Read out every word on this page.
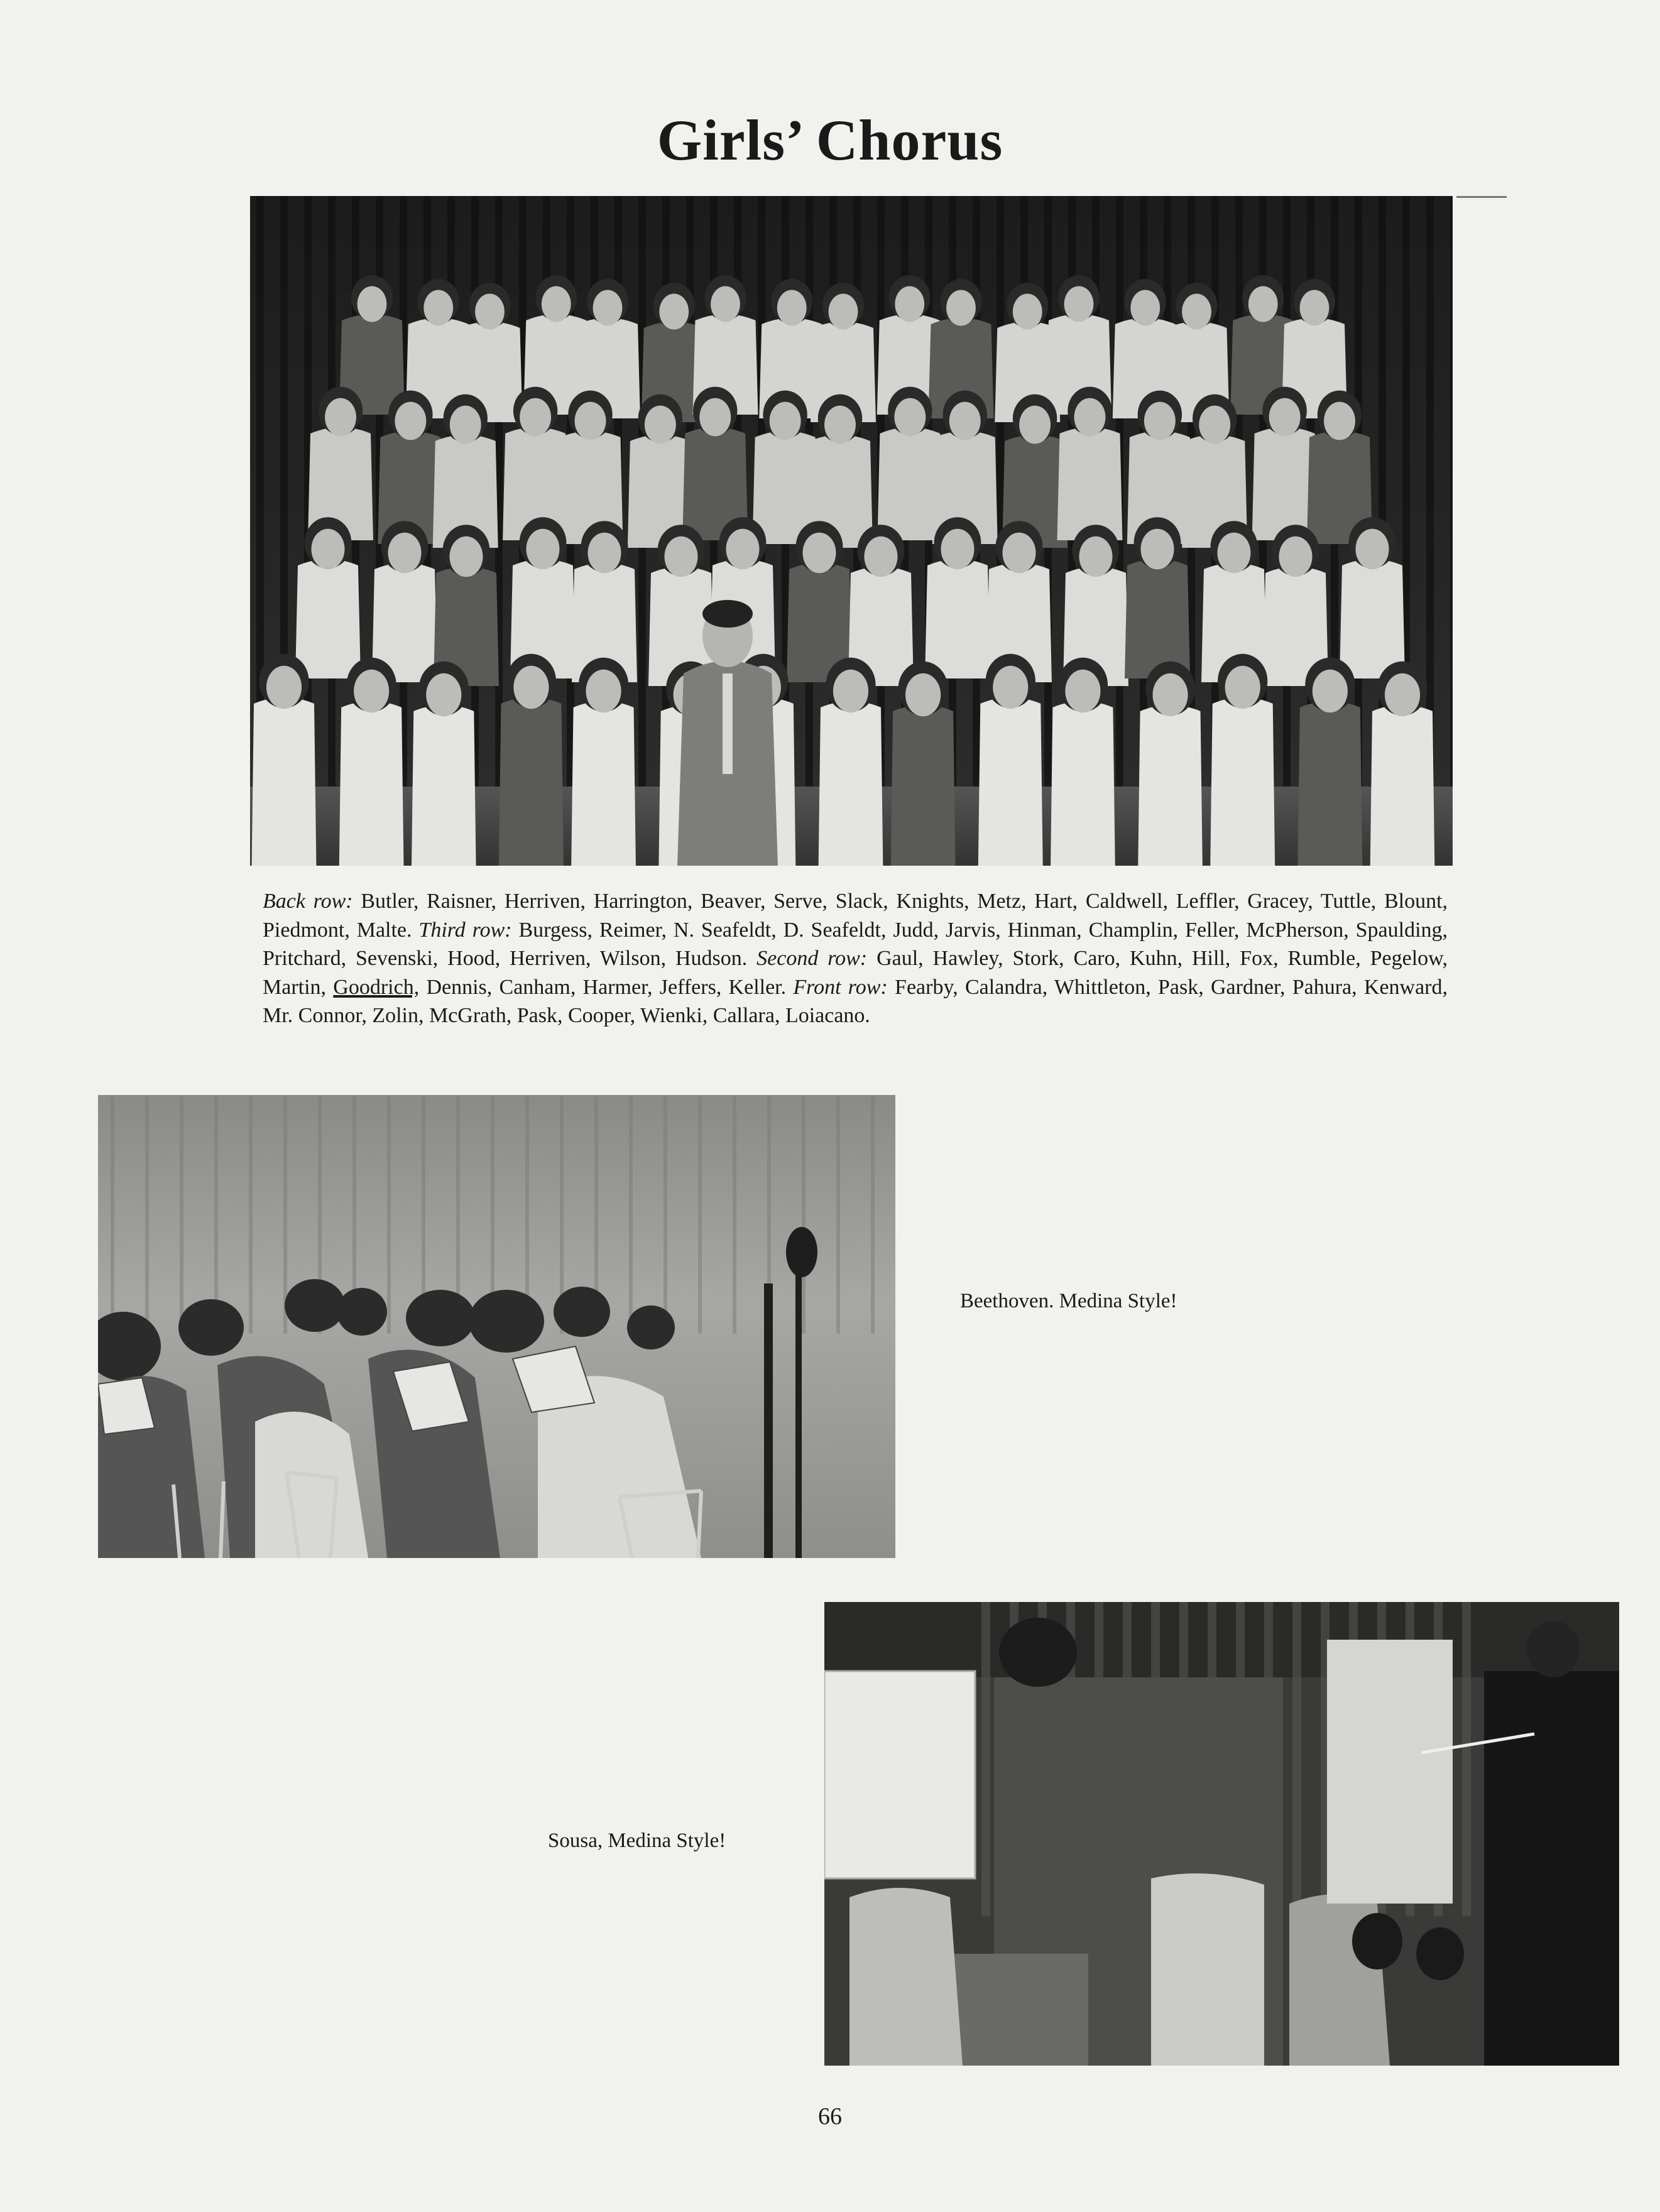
Girls’ Chorus

Back row: Butler, Raisner, Herriven, Harrington, Beaver, Serve, Slack, Knights, Metz, Hart, Caldwell, Leffler, Gracey, Tuttle, Blount, Piedmont, Malte. Third row: Burgess, Reimer, N. Seafeldt, D. Seafeldt, Judd, Jarvis, Hinman, Champlin, Feller, McPherson, Spaulding, Pritchard, Sevenski, Hood, Herriven, Wilson, Hudson. Second row: Gaul, Hawley, Stork, Caro, Kuhn, Hill, Fox, Rumble, Pegelow, Martin, Goodrich, Dennis, Canham, Harmer, Jeffers, Keller. Front row: Fearby, Calandra, Whittleton, Pask, Gardner, Pahura, Kenward, Mr. Connor, Zolin, McGrath, Pask, Cooper, Wienki, Callara, Loiacano.

Beethoven. Medina Style!
Sousa, Medina Style!
66
